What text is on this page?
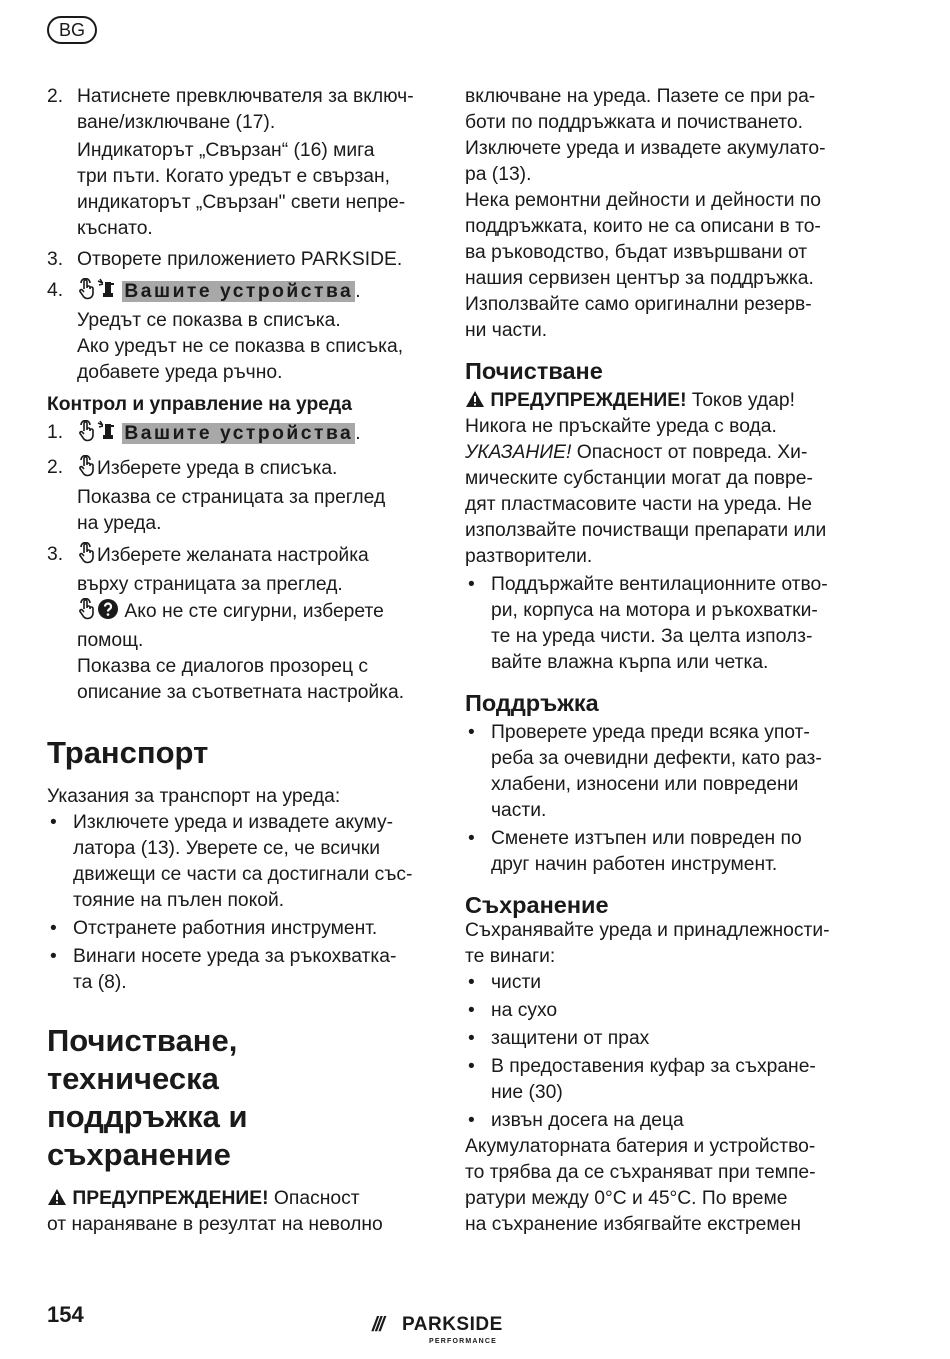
BG
2. Натиснете превключвателя за включ-

ване/изключване (17).

Индикаторът „Свързан“ (16) мига

три пъти. Когато уредът е свързан,

индикаторът „Свързан" свети непре-

къснато.

3. Отворете приложението PARKSIDE.

4.	Вашите устройства .

Уредът се показва в списъка.

Ако уредът не се показва в списъка,

добавете уреда ръчно.

Контрол и управление на уреда
1.	Вашите устройства .

2.	Изберете уреда в списъка.

Показва се страницата за преглед

на уреда.

3.	Изберете желаната настройка

върху страницата за преглед.

Ако не сте сигурни, изберете

помощ.

Показва се диалогов прозорец с

описание за съответната настройка.

Транспорт

Указания за транспорт на уреда:

• Изключете уреда и извадете акуму-

латора (13). Уверете се, че всички

движещи се части са достигнали със-

тояние на пълен покой.

• Отстранете работния инструмент.

• Винаги носете уреда за ръкохватка-

та (8).

Почистване,

техническа

поддръжка и

съхранение

ПРЕДУПРЕЖДЕНИЕ! Опасност

от нараняване в резултат на неволно

включване на уреда. Пазете се при ра-

боти по поддръжката и почистването.

Изключете уреда и извадете акумулато-

ра (13).

Нека ремонтни дейности и дейности по

поддръжката, които не са описани в то-

ва ръководство, бъдат извършвани от

нашия сервизен център за поддръжка.

Използвайте само оригинални резерв-

ни части.

Почистване

ПРЕДУПРЕЖДЕНИЕ! Токов удар!

Никога не пръскайте уреда с вода.

УКАЗАНИЕ! Опасност от повреда. Хи-

мическите субстанции могат да повре-

дят пластмасовите части на уреда. Не

използвайте почистващи препарати или

разтворители.

• Поддържайте вентилационните отво-

ри, корпуса на мотора и ръкохватки-

те на уреда чисти. За целта използ-

вайте влажна кърпа или четка.

Поддръжка
• Проверете уреда преди всяка упот-

реба за очевидни дефекти, като раз-

хлабени, износени или повредени

части.

• Сменете изтъпен или повреден по

друг начин работен инструмент.

Съхранение

Съхранявайте уреда и принадлежности-

те винаги:

• чисти

• на сухо

• защитени от прах

• В предоставения куфар за съхране-

ние (30)

• извън досега на деца

Акумулаторната батерия и устройство-

то трябва да се съхраняват при темпе-

ратури между 0°C и 45°C. По време

на съхранение избягвайте екстремен

154	/// PARKSIDE
PERFORMANCE
